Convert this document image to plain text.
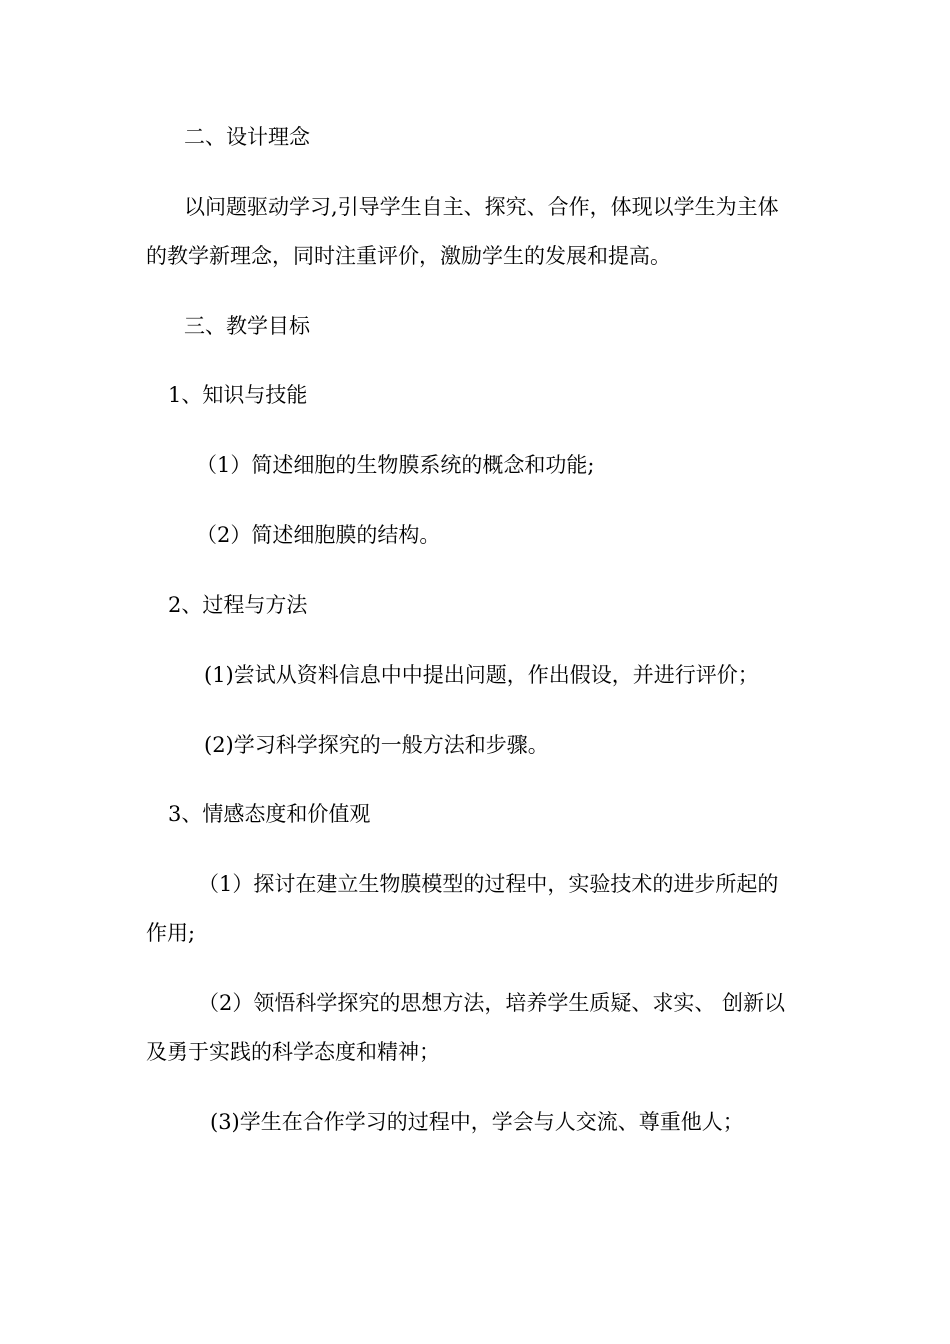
二、设计理念

以问题驱动学习,引导学生自主、探究、合作，体现以学生为主体

的教学新理念，同时注重评价，激励学生的发展和提高。

三、教学目标

1、知识与技能

（1）简述细胞的生物膜系统的概念和功能;

（2）简述细胞膜的结构。

2、过程与方法

(1)尝试从资料信息中中提出问题，作出假设，并进行评价；

(2)学习科学探究的一般方法和步骤。

3、情感态度和价值观

（1）探讨在建立生物膜模型的过程中，实验技术的进步所起的

作用;

（2）领悟科学探究的思想方法，培养学生质疑、求实、 创新以

及勇于实践的科学态度和精神；

(3)学生在合作学习的过程中，学会与人交流、尊重他人；
